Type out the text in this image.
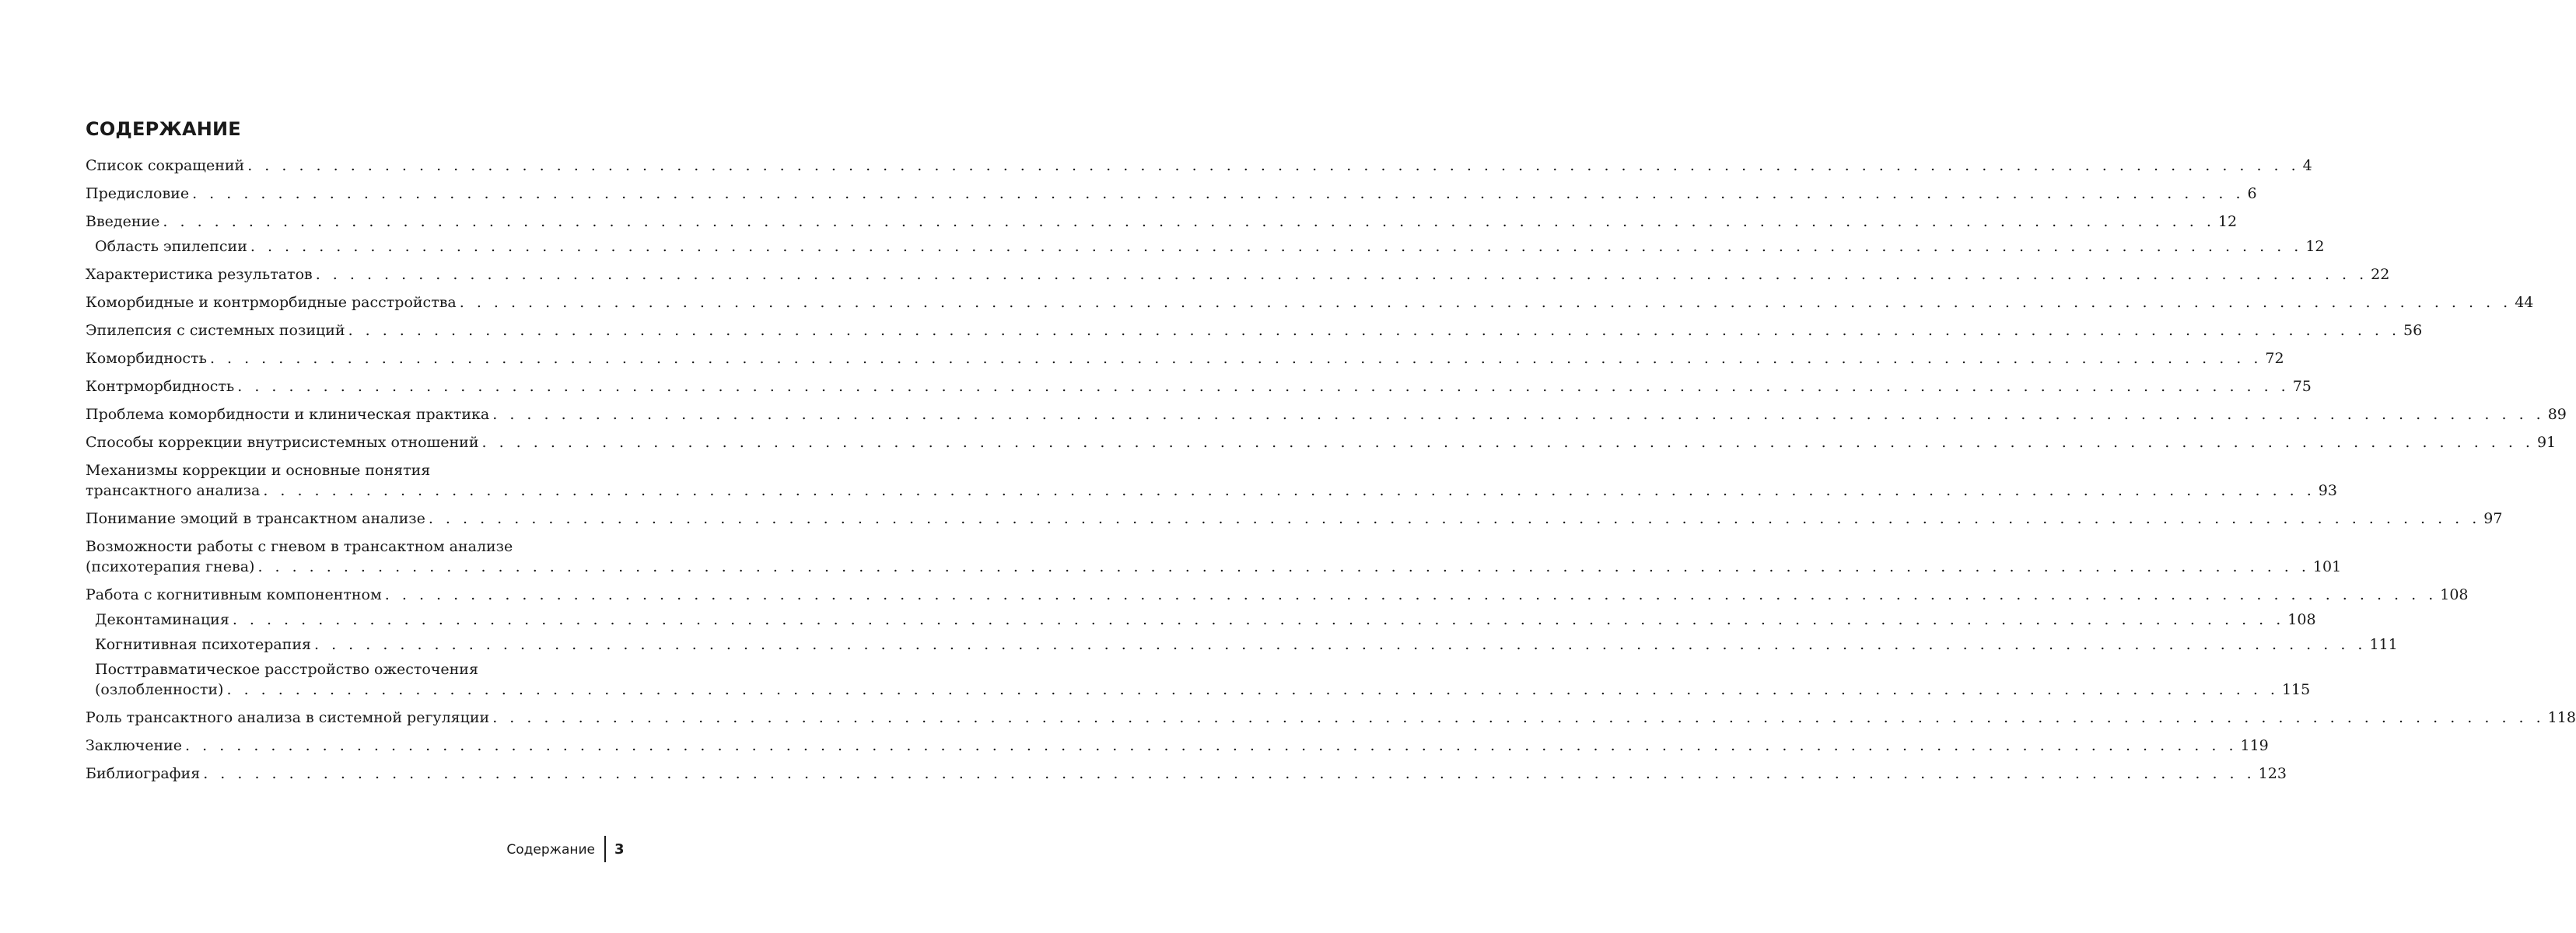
СОДЕРЖАНИЕ
Список сокращений . . . . . . . . . . . . . . . . . . . . . . . . . . . . . . . . . . . . . . . . . . . . . . . . . . . . . . . . . . . . . . . . . . . . . . . . . . . . . . . . . . . . . . . . . . . . . . . . . . . . . . . . . . . . . . . . . . . . . . . . 4
Предисловие . . . . . . . . . . . . . . . . . . . . . . . . . . . . . . . . . . . . . . . . . . . . . . . . . . . . . . . . . . . . . . . . . . . . . . . . . . . . . . . . . . . . . . . . . . . . . . . . . . . . . . . . . . . . . . . . . . . . . . . . 6
Введение . . . . . . . . . . . . . . . . . . . . . . . . . . . . . . . . . . . . . . . . . . . . . . . . . . . . . . . . . . . . . . . . . . . . . . . . . . . . . . . . . . . . . . . . . . . . . . . . . . . . . . . . . . . . . . . . . . . . . . . . 12
Область эпилепсии . . . . . . . . . . . . . . . . . . . . . . . . . . . . . . . . . . . . . . . . . . . . . . . . . . . . . . . . . . . . . . . . . . . . . . . . . . . . . . . . . . . . . . . . . . . . . . . . . . . . . . . . . . . . . . . . . . . . . . . . 12
Характеристика результатов . . . . . . . . . . . . . . . . . . . . . . . . . . . . . . . . . . . . . . . . . . . . . . . . . . . . . . . . . . . . . . . . . . . . . . . . . . . . . . . . . . . . . . . . . . . . . . . . . . . . . . . . . . . . . . . . . . . . . . . . 22
Коморбидные и контрморбидные расстройства . . . . . . . . . . . . . . . . . . . . . . . . . . . . . . . . . . . . . . . . . . . . . . . . . . . . . . . . . . . . . . . . . . . . . . . . . . . . . . . . . . . . . . . . . . . . . . . . . . . . . . . . . . . . . . . . . . . . . . . . 44
Эпилепсия с системных позиций . . . . . . . . . . . . . . . . . . . . . . . . . . . . . . . . . . . . . . . . . . . . . . . . . . . . . . . . . . . . . . . . . . . . . . . . . . . . . . . . . . . . . . . . . . . . . . . . . . . . . . . . . . . . . . . . . . . . . . . . 56
Коморбидность . . . . . . . . . . . . . . . . . . . . . . . . . . . . . . . . . . . . . . . . . . . . . . . . . . . . . . . . . . . . . . . . . . . . . . . . . . . . . . . . . . . . . . . . . . . . . . . . . . . . . . . . . . . . . . . . . . . . . . . . 72
Контрморбидность . . . . . . . . . . . . . . . . . . . . . . . . . . . . . . . . . . . . . . . . . . . . . . . . . . . . . . . . . . . . . . . . . . . . . . . . . . . . . . . . . . . . . . . . . . . . . . . . . . . . . . . . . . . . . . . . . . . . . . . . 75
Проблема коморбидности и клиническая практика . . . . . . . . . . . . . . . . . . . . . . . . . . . . . . . . . . . . . . . . . . . . . . . . . . . . . . . . . . . . . . . . . . . . . . . . . . . . . . . . . . . . . . . . . . . . . . . . . . . . . . . . . . . . . . . . . . . . . . . . 89
Способы коррекции внутрисистемных отношений . . . . . . . . . . . . . . . . . . . . . . . . . . . . . . . . . . . . . . . . . . . . . . . . . . . . . . . . . . . . . . . . . . . . . . . . . . . . . . . . . . . . . . . . . . . . . . . . . . . . . . . . . . . . . . . . . . . . . . . . 91
Механизмы коррекции и основные понятия
трансактного анализа . . . . . . . . . . . . . . . . . . . . . . . . . . . . . . . . . . . . . . . . . . . . . . . . . . . . . . . . . . . . . . . . . . . . . . . . . . . . . . . . . . . . . . . . . . . . . . . . . . . . . . . . . . . . . . . . . . . . . . . . 93
Понимание эмоций в трансактном анализе . . . . . . . . . . . . . . . . . . . . . . . . . . . . . . . . . . . . . . . . . . . . . . . . . . . . . . . . . . . . . . . . . . . . . . . . . . . . . . . . . . . . . . . . . . . . . . . . . . . . . . . . . . . . . . . . . . . . . . . . 97
Возможности работы с гневом в трансактном анализе
(психотерапия гнева) . . . . . . . . . . . . . . . . . . . . . . . . . . . . . . . . . . . . . . . . . . . . . . . . . . . . . . . . . . . . . . . . . . . . . . . . . . . . . . . . . . . . . . . . . . . . . . . . . . . . . . . . . . . . . . . . . . . . . . . . 101
Работа с когнитивным компонентном . . . . . . . . . . . . . . . . . . . . . . . . . . . . . . . . . . . . . . . . . . . . . . . . . . . . . . . . . . . . . . . . . . . . . . . . . . . . . . . . . . . . . . . . . . . . . . . . . . . . . . . . . . . . . . . . . . . . . . . . 108
Деконтаминация . . . . . . . . . . . . . . . . . . . . . . . . . . . . . . . . . . . . . . . . . . . . . . . . . . . . . . . . . . . . . . . . . . . . . . . . . . . . . . . . . . . . . . . . . . . . . . . . . . . . . . . . . . . . . . . . . . . . . . . . 108
Когнитивная психотерапия . . . . . . . . . . . . . . . . . . . . . . . . . . . . . . . . . . . . . . . . . . . . . . . . . . . . . . . . . . . . . . . . . . . . . . . . . . . . . . . . . . . . . . . . . . . . . . . . . . . . . . . . . . . . . . . . . . . . . . . . 111
Посттравматическое расстройство ожесточения
(озлобленности) . . . . . . . . . . . . . . . . . . . . . . . . . . . . . . . . . . . . . . . . . . . . . . . . . . . . . . . . . . . . . . . . . . . . . . . . . . . . . . . . . . . . . . . . . . . . . . . . . . . . . . . . . . . . . . . . . . . . . . . . 115
Роль трансактного анализа в системной регуляции . . . . . . . . . . . . . . . . . . . . . . . . . . . . . . . . . . . . . . . . . . . . . . . . . . . . . . . . . . . . . . . . . . . . . . . . . . . . . . . . . . . . . . . . . . . . . . . . . . . . . . . . . . . . . . . . . . . . . . . . 118
Заключение . . . . . . . . . . . . . . . . . . . . . . . . . . . . . . . . . . . . . . . . . . . . . . . . . . . . . . . . . . . . . . . . . . . . . . . . . . . . . . . . . . . . . . . . . . . . . . . . . . . . . . . . . . . . . . . . . . . . . . . . 119
Библиография . . . . . . . . . . . . . . . . . . . . . . . . . . . . . . . . . . . . . . . . . . . . . . . . . . . . . . . . . . . . . . . . . . . . . . . . . . . . . . . . . . . . . . . . . . . . . . . . . . . . . . . . . . . . . . . . . . . . . . . . 123
Содержание 3
